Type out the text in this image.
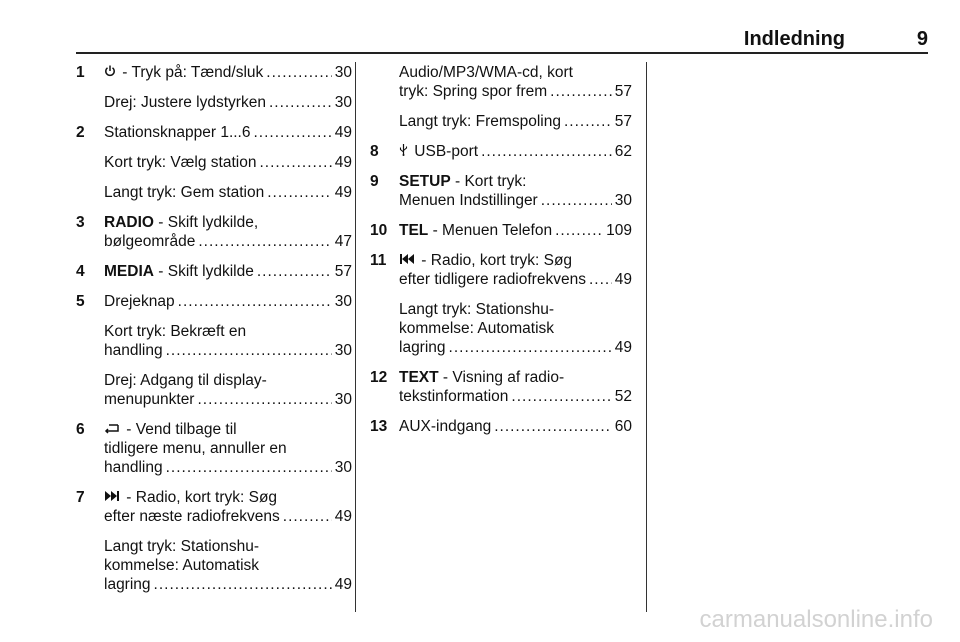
Indledning	9
1	- Tryk på: Tænd/sluk .....	30
Drej: Justere lydstyrken .....	30
2 Stationsknapper 1...6 .....	49
Kort tryk: Vælg station .....	49
Langt tryk: Gem station .....	49
3 RADIO - Skift lydkilde,
bølgeområde .....	47
4 MEDIA - Skift lydkilde .....	57
5 Drejeknap .....	30
Kort tryk: Bekræft en
handling .....	30
Drej: Adgang til display-
menupunkter .....	30
6	- Vend tilbage til
tidligere menu, annuller en
handling .....	30
7	- Radio, kort tryk: Søg
efter næste radiofrekvens .....	49
Langt tryk: Stationshu-
kommelse: Automatisk
lagring .....	49
Audio/MP3/WMA-cd, kort
tryk: Spring spor frem .....	57
Langt tryk: Fremspoling .....	57
8	USB-port .....	62
9 SETUP - Kort tryk:
Menuen Indstillinger .....	30
10 TEL - Menuen Telefon .....	109
11	- Radio, kort tryk: Søg
efter tidligere radiofrekvens ..... 49
Langt tryk: Stationshu-
kommelse: Automatisk
lagring .....	49
12 TEXT - Visning af radio-
tekstinformation .....	52
13 AUX-indgang .....	60
carmanualsonline.info
